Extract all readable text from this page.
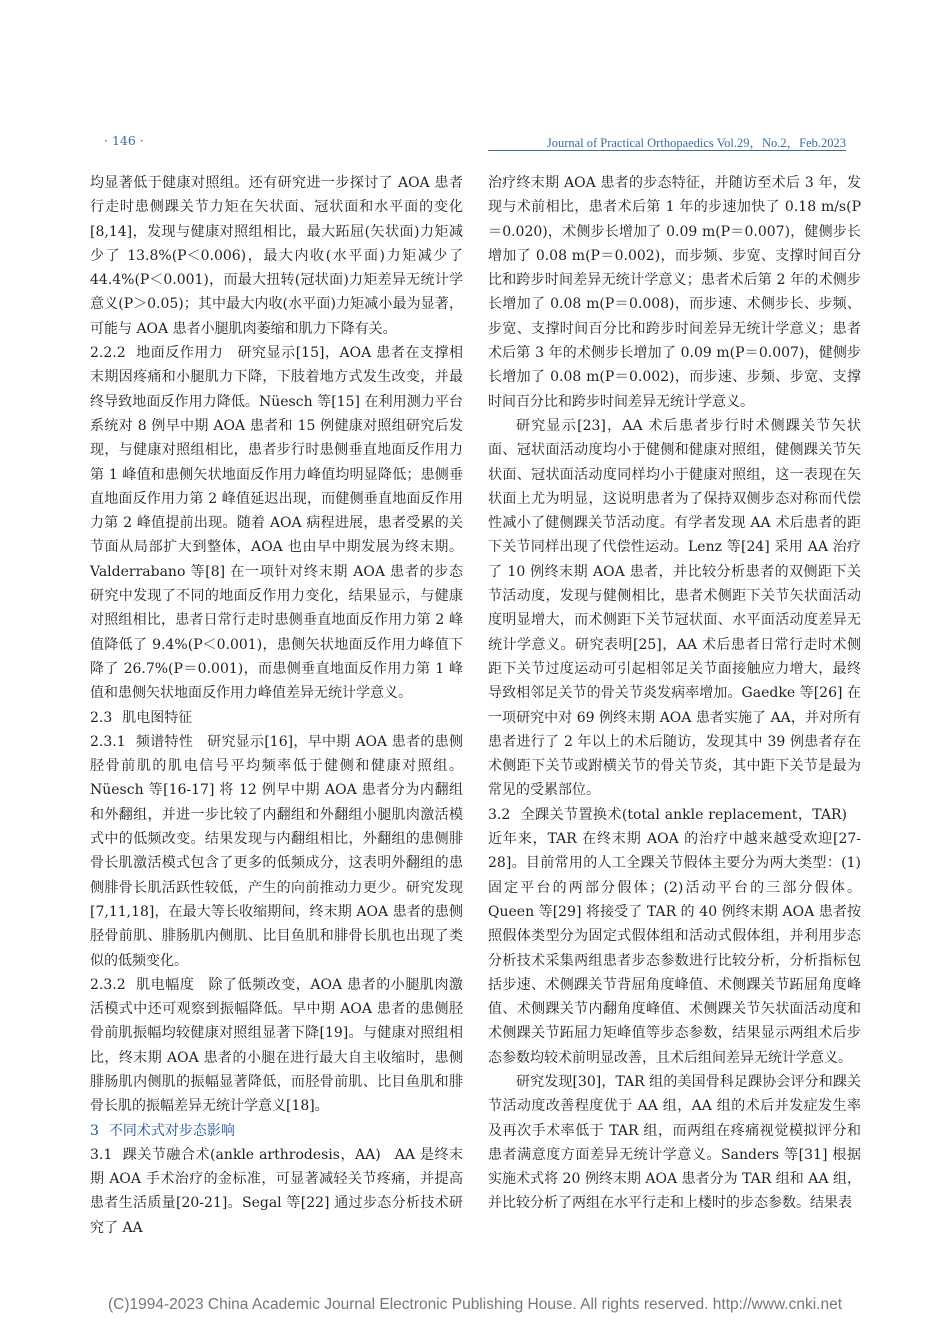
· 146 ·	Journal of Practical Orthopaedics Vol.29，No.2，Feb.2023

均显著低于健康对照组。还有研究进一步探讨了 AOA 患者行走时患侧踝关节力矩在矢状面、冠状面和水平面的变化[8,14]，发现与健康对照组相比，最大跖屈(矢状面)力矩减少了 13.8%(P＜0.006)，最大内收(水平面)力矩减少了 44.4%(P＜0.001)，而最大扭转(冠状面)力矩差异无统计学意义(P＞0.05)；其中最大内收(水平面)力矩减小最为显著，可能与 AOA 患者小腿肌肉萎缩和肌力下降有关。

2.2.2 地面反作用力 研究显示[15]，AOA 患者在支撑相末期因疼痛和小腿肌力下降，下肢着地方式发生改变，并最终导致地面反作用力降低。Nüesch 等[15] 在利用测力平台系统对 8 例早中期 AOA 患者和 15 例健康对照组研究后发现，与健康对照组相比，患者步行时患侧垂直地面反作用力第 1 峰值和患侧矢状地面反作用力峰值均明显降低；患侧垂直地面反作用力第 2 峰值延迟出现，而健侧垂直地面反作用力第 2 峰值提前出现。随着 AOA 病程进展，患者受累的关节面从局部扩大到整体，AOA 也由早中期发展为终末期。Valderrabano 等[8] 在一项针对终末期 AOA 患者的步态研究中发现了不同的地面反作用力变化，结果显示，与健康对照组相比，患者日常行走时患侧垂直地面反作用力第 2 峰值降低了 9.4%(P＜0.001)，患侧矢状地面反作用力峰值下降了 26.7%(P＝0.001)，而患侧垂直地面反作用力第 1 峰值和患侧矢状地面反作用力峰值差异无统计学意义。

2.3 肌电图特征

2.3.1 频谱特性 研究显示[16]，早中期 AOA 患者的患侧胫骨前肌的肌电信号平均频率低于健侧和健康对照组。Nüesch 等[16-17] 将 12 例早中期 AOA 患者分为内翻组和外翻组，并进一步比较了内翻组和外翻组小腿肌肉激活模式中的低频改变。结果发现与内翻组相比，外翻组的患侧腓骨长肌激活模式包含了更多的低频成分，这表明外翻组的患侧腓骨长肌活跃性较低，产生的向前推动力更少。研究发现[7,11,18]，在最大等长收缩期间，终末期 AOA 患者的患侧胫骨前肌、腓肠肌内侧肌、比目鱼肌和腓骨长肌也出现了类似的低频变化。

2.3.2 肌电幅度 除了低频改变，AOA 患者的小腿肌肉激活模式中还可观察到振幅降低。早中期 AOA 患者的患侧胫骨前肌振幅均较健康对照组显著下降[19]。与健康对照组相比，终末期 AOA 患者的小腿在进行最大自主收缩时，患侧腓肠肌内侧肌的振幅显著降低，而胫骨前肌、比目鱼肌和腓骨长肌的振幅差异无统计学意义[18]。

3 不同术式对步态影响

3.1 踝关节融合术(ankle arthrodesis，AA) AA 是终末期 AOA 手术治疗的金标准，可显著减轻关节疼痛，并提高患者生活质量[20-21]。Segal 等[22] 通过步态分析技术研究了 AA

治疗终末期 AOA 患者的步态特征，并随访至术后 3 年，发现与术前相比，患者术后第 1 年的步速加快了 0.18 m/s(P＝0.020)，术侧步长增加了 0.09 m(P＝0.007)，健侧步长增加了 0.08 m(P＝0.002)，而步频、步宽、支撑时间百分比和跨步时间差异无统计学意义；患者术后第 2 年的术侧步长增加了 0.08 m(P＝0.008)，而步速、术侧步长、步频、步宽、支撑时间百分比和跨步时间差异无统计学意义；患者术后第 3 年的术侧步长增加了 0.09 m(P＝0.007)，健侧步长增加了 0.08 m(P＝0.002)，而步速、步频、步宽、支撑时间百分比和跨步时间差异无统计学意义。

研究显示[23]，AA 术后患者步行时术侧踝关节矢状面、冠状面活动度均小于健侧和健康对照组，健侧踝关节矢状面、冠状面活动度同样均小于健康对照组，这一表现在矢状面上尤为明显，这说明患者为了保持双侧步态对称而代偿性减小了健侧踝关节活动度。有学者发现 AA 术后患者的距下关节同样出现了代偿性运动。Lenz 等[24] 采用 AA 治疗了 10 例终末期 AOA 患者，并比较分析患者的双侧距下关节活动度，发现与健侧相比，患者术侧距下关节矢状面活动度明显增大，而术侧距下关节冠状面、水平面活动度差异无统计学意义。研究表明[25]，AA 术后患者日常行走时术侧距下关节过度运动可引起相邻足关节面接触应力增大，最终导致相邻足关节的骨关节炎发病率增加。Gaedke 等[26] 在一项研究中对 69 例终末期 AOA 患者实施了 AA，并对所有患者进行了 2 年以上的术后随访，发现其中 39 例患者存在术侧距下关节或跗横关节的骨关节炎，其中距下关节是最为常见的受累部位。

3.2 全踝关节置换术(total ankle replacement，TAR)近年来，TAR 在终末期 AOA 的治疗中越来越受欢迎[27-28]。目前常用的人工全踝关节假体主要分为两大类型：(1)固定平台的两部分假体；(2)活动平台的三部分假体。Queen 等[29] 将接受了 TAR 的 40 例终末期 AOA 患者按照假体类型分为固定式假体组和活动式假体组，并利用步态分析技术采集两组患者步态参数进行比较分析，分析指标包括步速、术侧踝关节背屈角度峰值、术侧踝关节跖屈角度峰值、术侧踝关节内翻角度峰值、术侧踝关节矢状面活动度和术侧踝关节跖屈力矩峰值等步态参数，结果显示两组术后步态参数均较术前明显改善，且术后组间差异无统计学意义。

研究发现[30]，TAR 组的美国骨科足踝协会评分和踝关节活动度改善程度优于 AA 组，AA 组的术后并发症发生率及再次手术率低于 TAR 组，而两组在疼痛视觉模拟评分和患者满意度方面差异无统计学意义。Sanders 等[31] 根据实施术式将 20 例终末期 AOA 患者分为 TAR 组和 AA 组，并比较分析了两组在水平行走和上楼时的步态参数。结果表

(C)1994-2023 China Academic Journal Electronic Publishing House. All rights reserved. http://www.cnki.net
